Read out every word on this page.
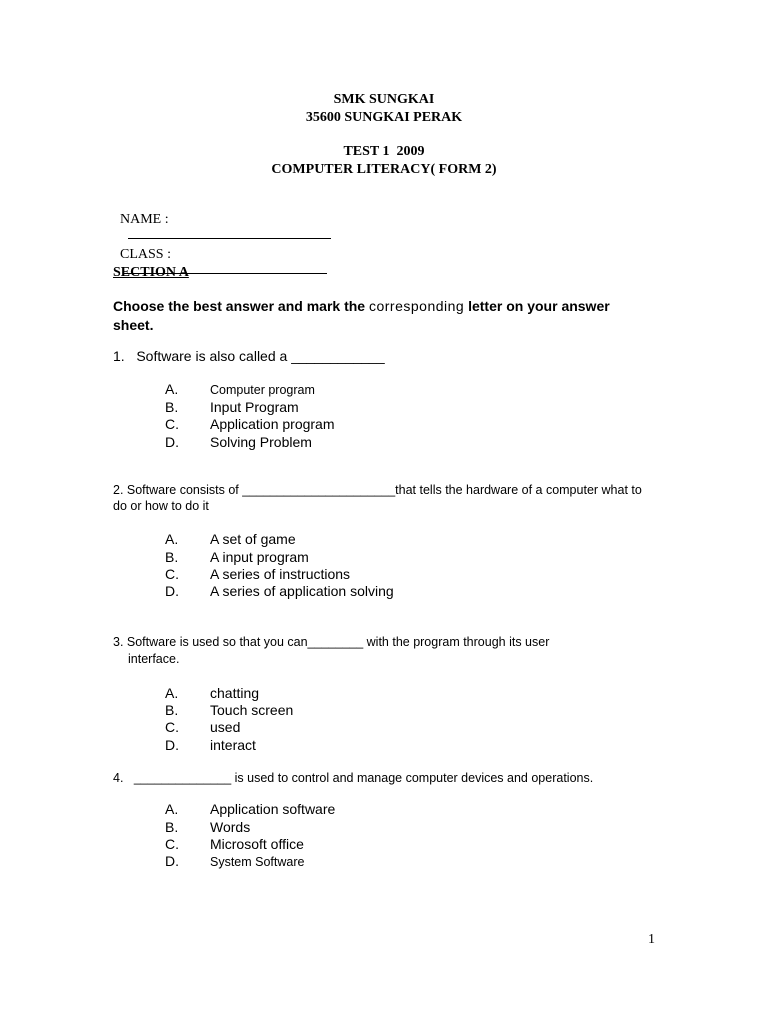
SMK SUNGKAI
35600 SUNGKAI PERAK
TEST 1  2009
COMPUTER LITERACY( FORM 2)

NAME :

CLASS :

SECTION A
Choose the best answer and mark the corresponding letter on your answer sheet.
1.   Software is also called a ____________
A.	Computer program
B. Input Program
C. Application program
D. Solving Problem
2. Software consists of ______________________that tells the hardware of a computer what to do or how to do it
A. A set of game
B. A input program
C. A series of instructions
D. A series of application solving
3. Software is used so that you can________ with the program through its user
interface.
A. chatting
B. Touch screen
C. used
D. interact
4.   ______________ is used to control and manage computer devices and operations.
A. Application software
B. Words
C. Microsoft office
D. System Software
1
